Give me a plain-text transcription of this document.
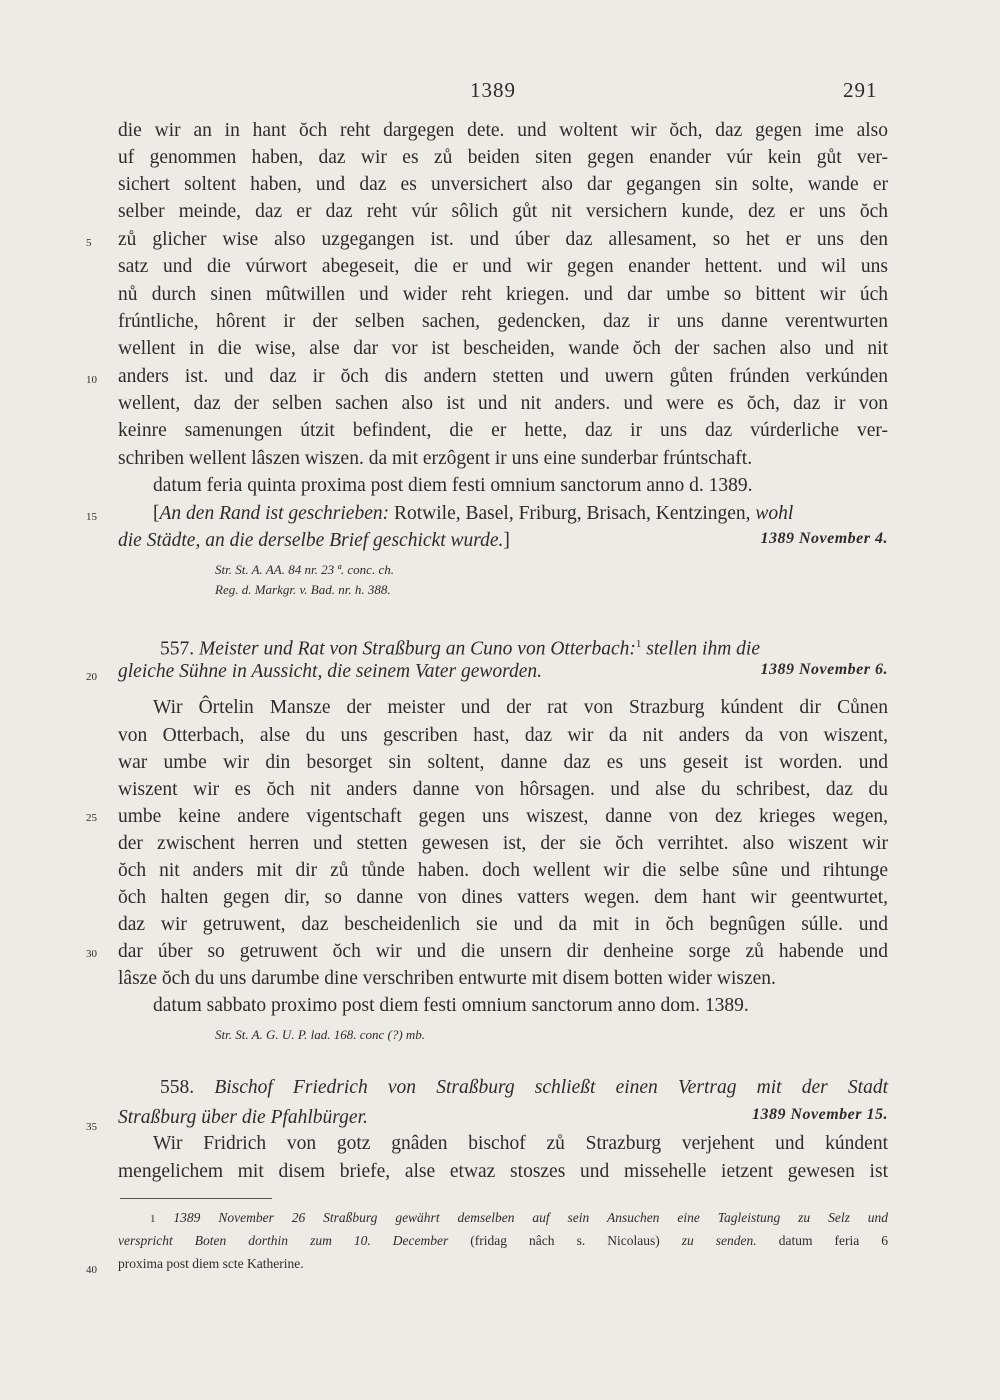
1389	291
5
10
15
20
25
30
35
40
die wir an in hant ŏch reht dargegen dete. und woltent wir ŏch, daz gegen ime also
uf genommen haben, daz wir es zů beiden siten gegen enander vúr kein gůt ver-
sichert soltent haben, und daz es unversichert also dar gegangen sin solte, wande er
selber meinde, daz er daz reht vúr sôlich gůt nit versichern kunde, dez er uns ŏch
zů glicher wise also uzgegangen ist. und úber daz allesament, so het er uns den
satz und die vúrwort abegeseit, die er und wir gegen enander hettent. und wil uns
nů durch sinen mûtwillen und wider reht kriegen. und dar umbe so bittent wir úch
frúntliche, hôrent ir der selben sachen, gedencken, daz ir uns danne verentwurten
wellent in die wise, alse dar vor ist bescheiden, wande ŏch der sachen also und nit
anders ist. und daz ir ŏch dis andern stetten und uwern gůten frúnden verkúnden
wellent, daz der selben sachen also ist und nit anders. und were es ŏch, daz ir von
keinre samenungen útzit befindent, die er hette, daz ir uns daz vúrderliche ver-
schriben wellent lâszen wiszen. da mit erzôgent ir uns eine sunderbar frúntschaft.
datum feria quinta proxima post diem festi omnium sanctorum anno d. 1389.
[An den Rand ist geschrieben: Rotwile, Basel, Friburg, Brisach, Kentzingen, wohl
die Städte, an die derselbe Brief geschickt wurde.]	1389 November 4.
Str. St. A. AA. 84 nr. 23 ª. conc. ch.
Reg. d. Markgr. v. Bad. nr. h. 388.
557. Meister und Rat von Straßburg an Cuno von Otterbach:$^1$ stellen ihm die
gleiche Sühne in Aussicht, die seinem Vater geworden.	1389 November 6.
Wir Ôrtelin Mansze der meister und der rat von Strazburg kúndent dir Cůnen
von Otterbach, alse du uns gescriben hast, daz wir da nit anders da von wiszent,
war umbe wir din besorget sin soltent, danne daz es uns geseit ist worden. und
wiszent wir es ŏch nit anders danne von hôrsagen. und alse du schribest, daz du
umbe keine andere vigentschaft gegen uns wiszest, danne von dez krieges wegen,
der zwischent herren und stetten gewesen ist, der sie ŏch verrihtet. also wiszent wir
ŏch nit anders mit dir zů tůnde haben. doch wellent wir die selbe sûne und rihtunge
ŏch halten gegen dir, so danne von dines vatters wegen. dem hant wir geentwurtet,
daz wir getruwent, daz bescheidenlich sie und da mit in ŏch begnûgen súlle. und
dar úber so getruwent ŏch wir und die unsern dir denheine sorge zů habende und
lâsze ŏch du uns darumbe dine verschriben entwurte mit disem botten wider wiszen.
datum sabbato proximo post diem festi omnium sanctorum anno dom. 1389.
Str. St. A. G. U. P. lad. 168. conc (?) mb.
558. Bischof Friedrich von Straßburg schließt einen Vertrag mit der Stadt
Straßburg über die Pfahlbürger.	1389 November 15.
Wir Fridrich von gotz gnâden bischof zů Strazburg verjehent und kúndent
mengelichem mit disem briefe, alse etwaz stoszes und missehelle ietzent gewesen ist
1 1389 November 26 Straßburg gewährt demselben auf sein Ansuchen eine Tagleistung zu Selz und
verspricht Boten dorthin zum 10. December (fridag nâch s. Nicolaus) zu senden. datum feria 6
proxima post diem scte Katherine.
